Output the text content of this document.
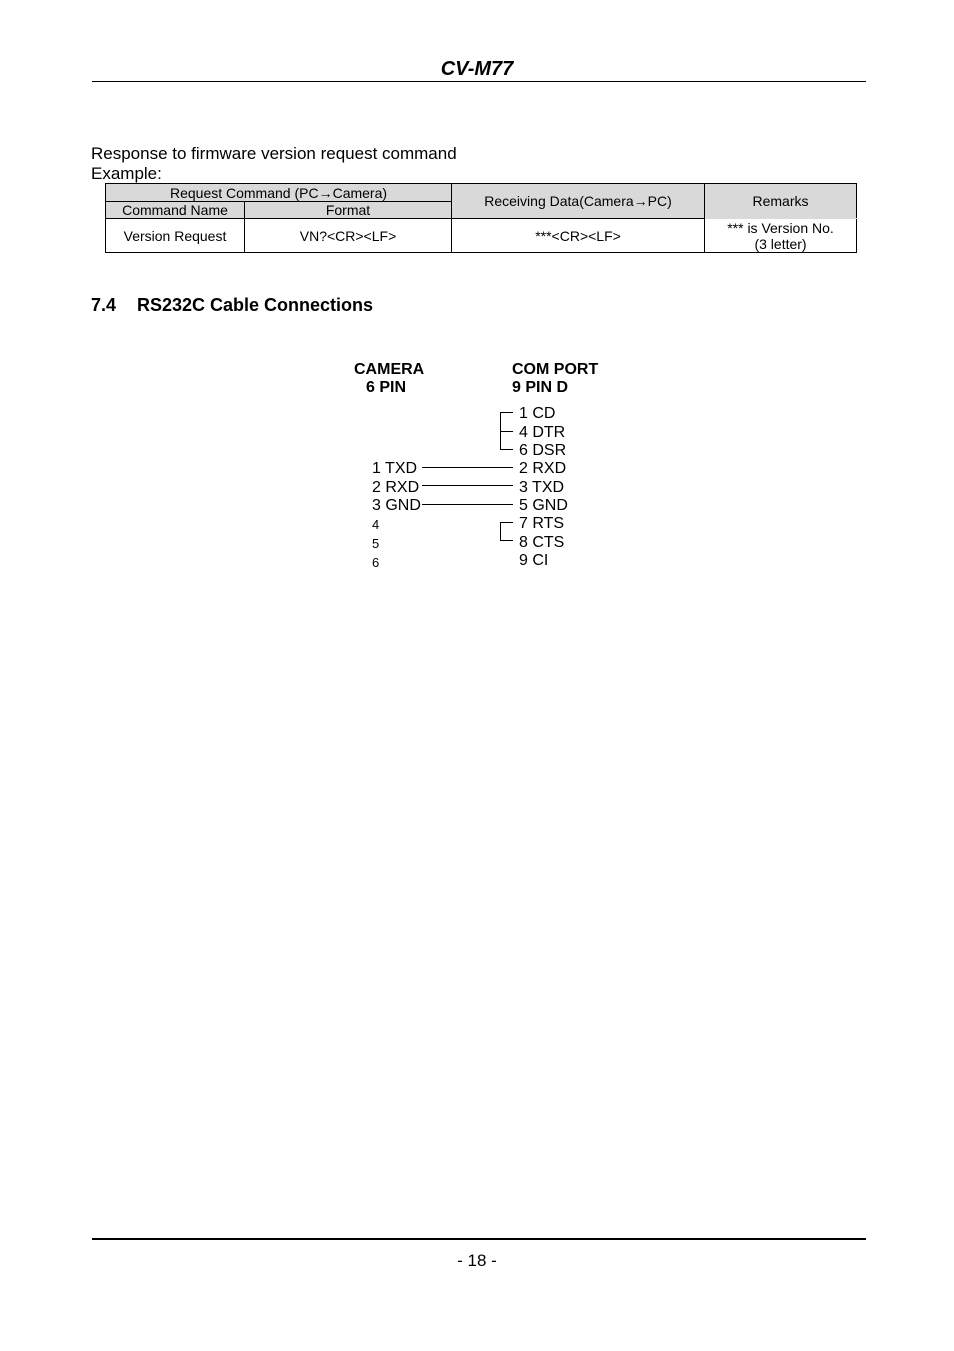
CV-M77
Response to firmware version request command
Example:
Request Command (PC→Camera)		Receiving Data(Camera→PC)	Remarks
Command Name	Format		
Version Request	VN?<CR><LF>	***<CR><LF>	*** is Version No.
(3 letter)
7.4 RS232C Cable Connections
CAMERA
6 PIN
COM PORT
9 PIN D
1 TXD
2 RXD
3 GND
4
5
6
1 CD
4 DTR
6 DSR
2 RXD
3 TXD
5 GND
7 RTS
8 CTS
9 CI
- 18 -
